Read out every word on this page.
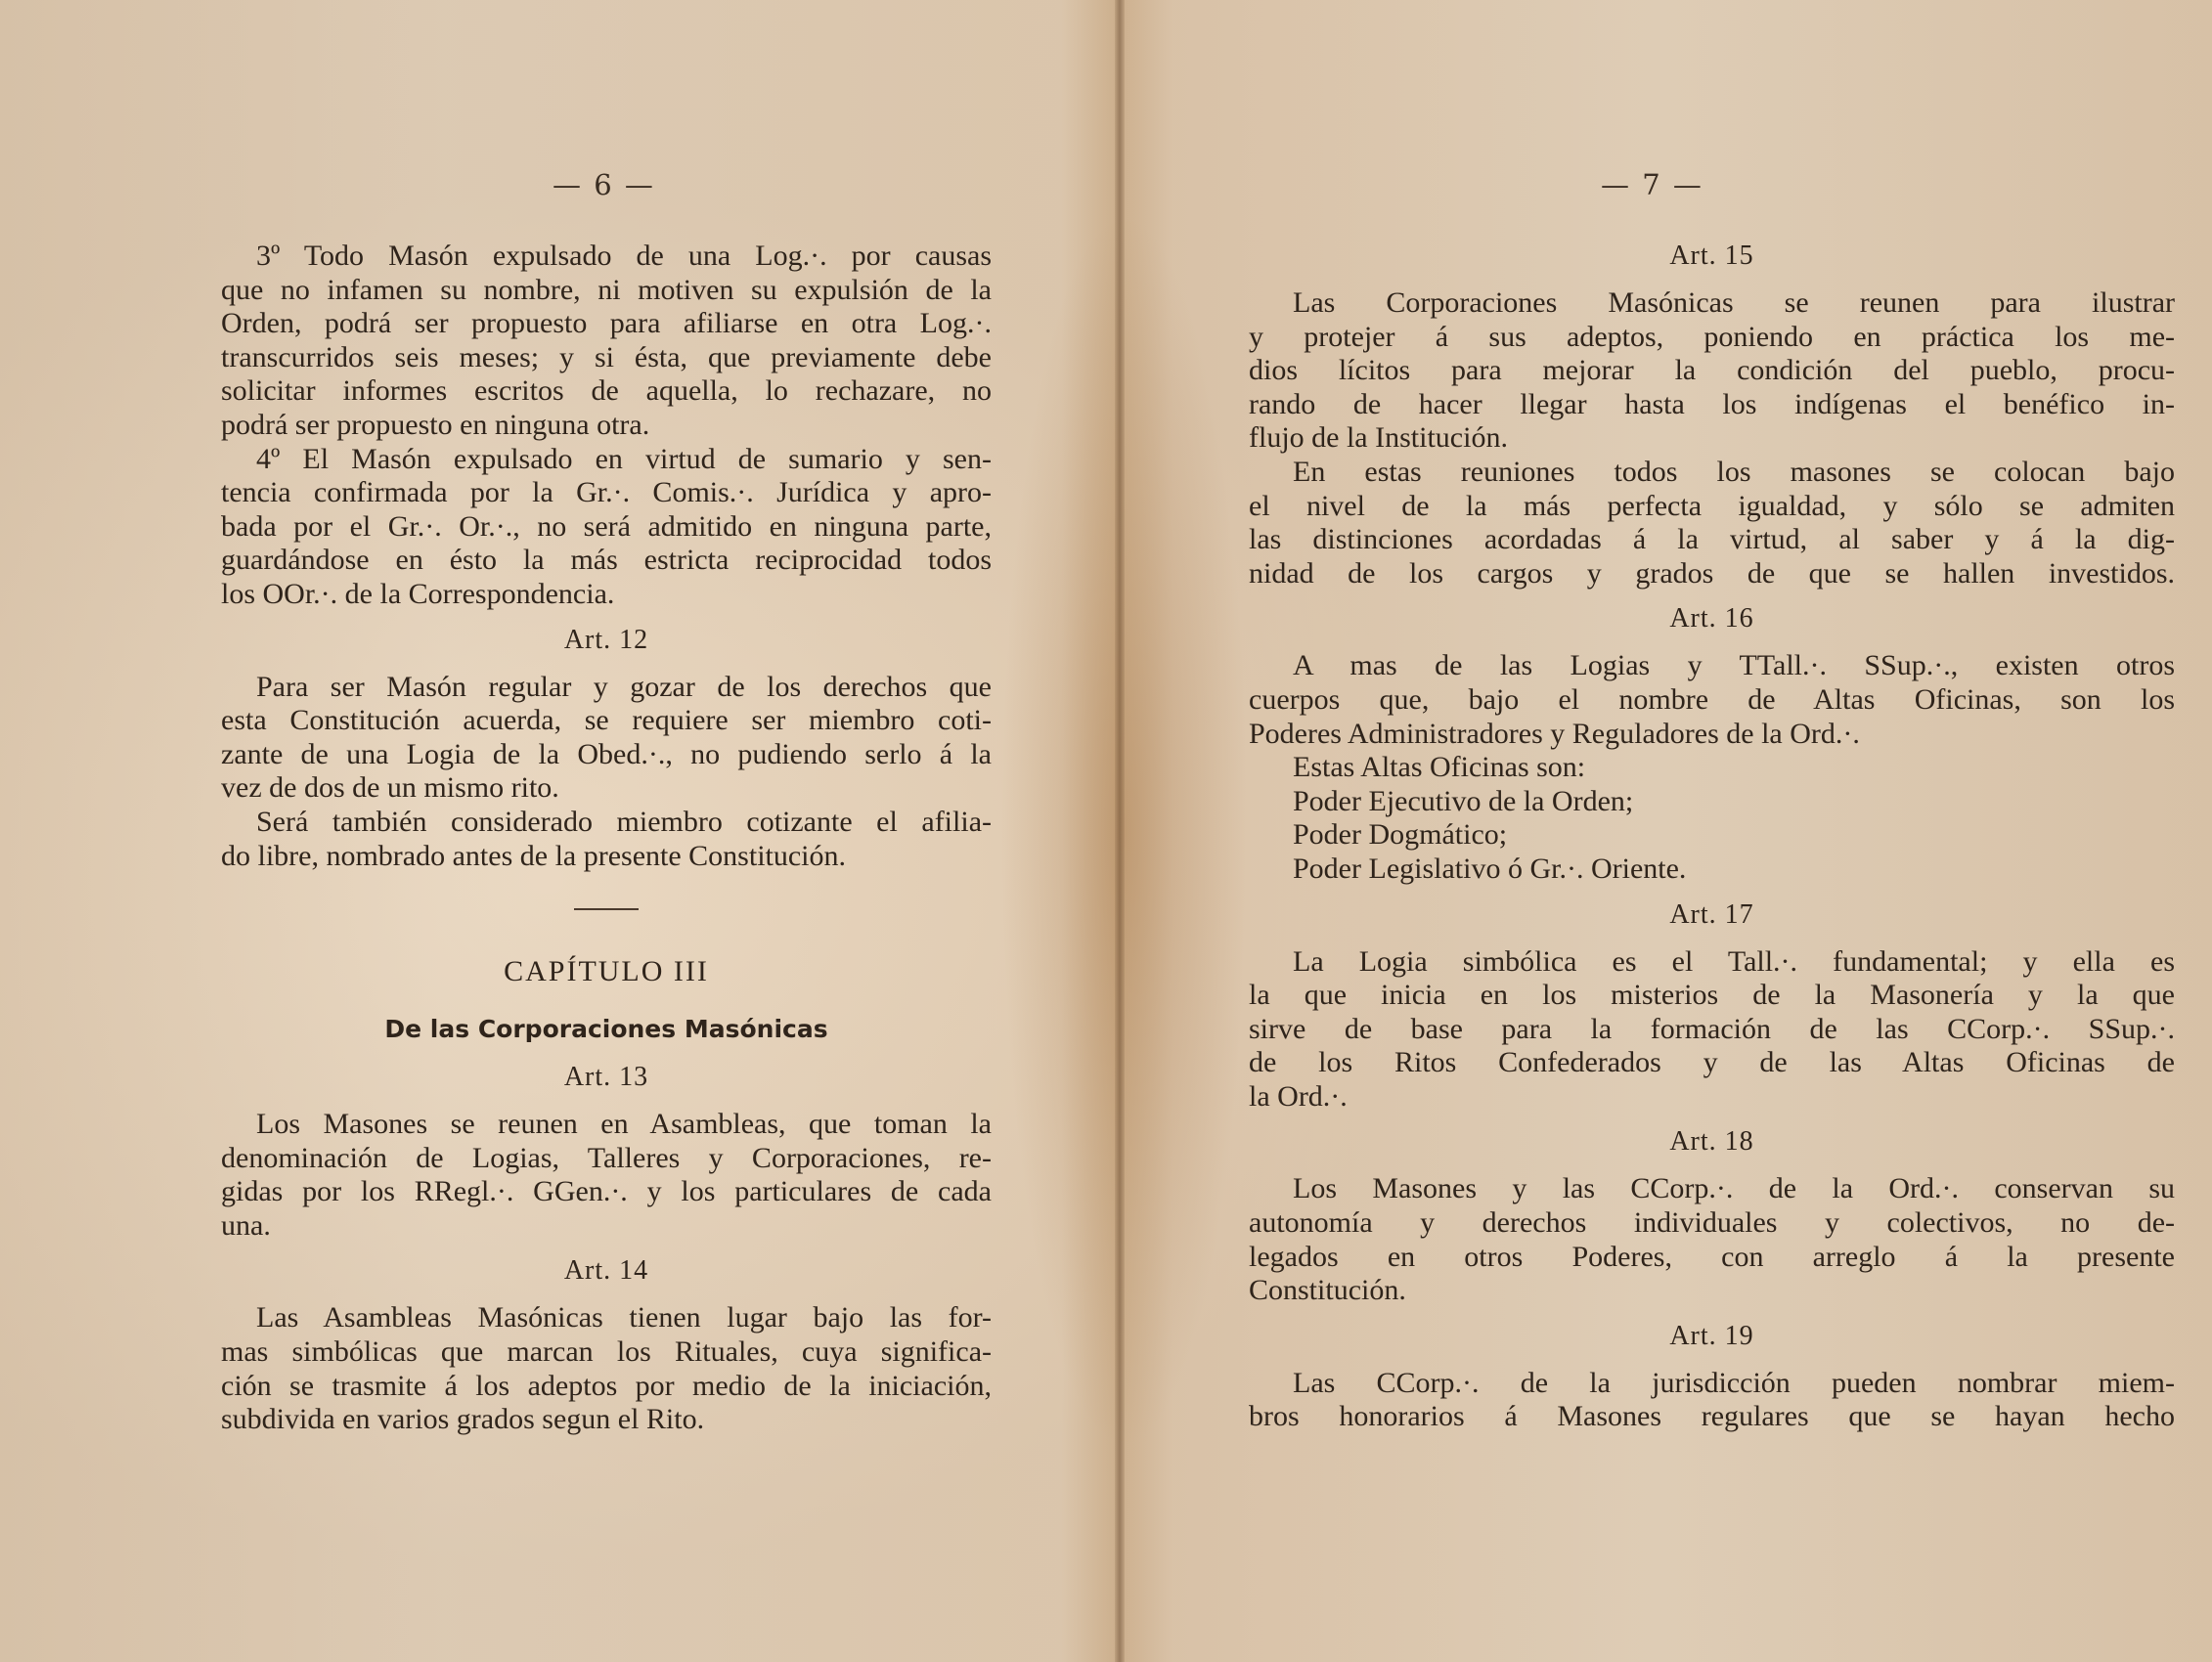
— 6 —
3º Todo Masón expulsado de una Log.·. por causas
que no infamen su nombre, ni motiven su expulsión de la
Orden, podrá ser propuesto para afiliarse en otra Log.·.
transcurridos seis meses; y si ésta, que previamente debe
solicitar informes escritos de aquella, lo rechazare, no
podrá ser propuesto en ninguna otra.
4º El Masón expulsado en virtud de sumario y sen-
tencia confirmada por la Gr.·. Comis.·. Jurídica y apro-
bada por el Gr.·. Or.·., no será admitido en ninguna parte,
guardándose en ésto la más estricta reciprocidad todos
los OOr.·. de la Correspondencia.
Art. 12
Para ser Masón regular y gozar de los derechos que
esta Constitución acuerda, se requiere ser miembro coti-
zante de una Logia de la Obed.·., no pudiendo serlo á la
vez de dos de un mismo rito.
Será también considerado miembro cotizante el afilia-
do libre, nombrado antes de la presente Constitución.
CAPÍTULO III
De las Corporaciones Masónicas
Art. 13
Los Masones se reunen en Asambleas, que toman la
denominación de Logias, Talleres y Corporaciones, re-
gidas por los RRegl.·. GGen.·. y los particulares de cada
una.
Art. 14
Las Asambleas Masónicas tienen lugar bajo las for-
mas simbólicas que marcan los Rituales, cuya significa-
ción se trasmite á los adeptos por medio de la iniciación,
subdivida en varios grados segun el Rito.
— 7 —
Art. 15
Las Corporaciones Masónicas se reunen para ilustrar
y protejer á sus adeptos, poniendo en práctica los me-
dios lícitos para mejorar la condición del pueblo, procu-
rando de hacer llegar hasta los indígenas el benéfico in-
flujo de la Institución.
En estas reuniones todos los masones se colocan bajo
el nivel de la más perfecta igualdad, y sólo se admiten
las distinciones acordadas á la virtud, al saber y á la dig-
nidad de los cargos y grados de que se hallen investidos.
Art. 16
A mas de las Logias y TTall.·. SSup.·., existen otros
cuerpos que, bajo el nombre de Altas Oficinas, son los
Poderes Administradores y Reguladores de la Ord.·.
Estas Altas Oficinas son:
Poder Ejecutivo de la Orden;
Poder Dogmático;
Poder Legislativo ó Gr.·. Oriente.
Art. 17
La Logia simbólica es el Tall.·. fundamental; y ella es
la que inicia en los misterios de la Masonería y la que
sirve de base para la formación de las CCorp.·. SSup.·.
de los Ritos Confederados y de las Altas Oficinas de
la Ord.·.
Art. 18
Los Masones y las CCorp.·. de la Ord.·. conservan su
autonomía y derechos individuales y colectivos, no de-
legados en otros Poderes, con arreglo á la presente
Constitución.
Art. 19
Las CCorp.·. de la jurisdicción pueden nombrar miem-
bros honorarios á Masones regulares que se hayan hecho
